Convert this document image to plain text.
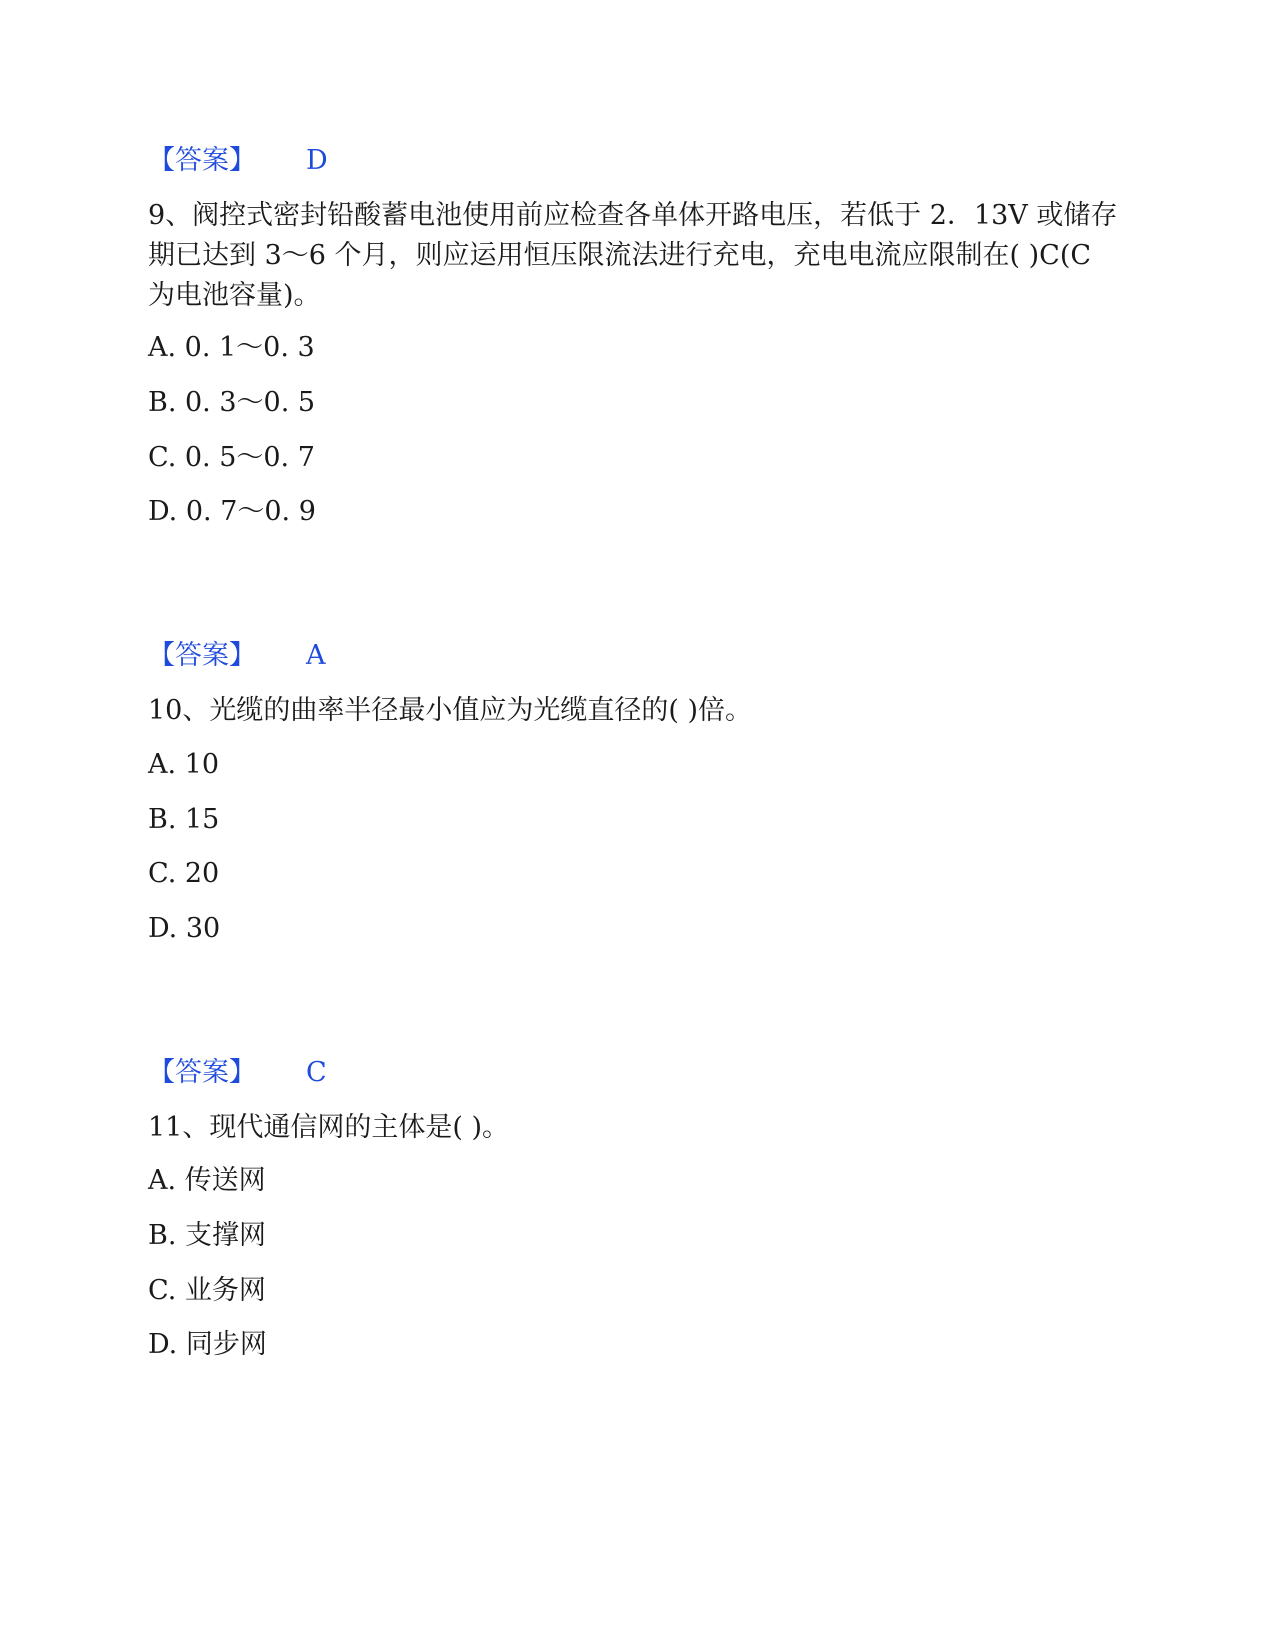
【答案】 D
9、阀控式密封铅酸蓄电池使用前应检查各单体开路电压，若低于 2．13V 或储存期已达到 3～6 个月，则应运用恒压限流法进行充电，充电电流应限制在( )C(C 为电池容量)。
A. 0. 1～0. 3
B. 0. 3～0. 5
C. 0. 5～0. 7
D. 0. 7～0. 9
【答案】 A
10、光缆的曲率半径最小值应为光缆直径的( )倍。
A. 10
B. 15
C. 20
D. 30
【答案】 C
11、现代通信网的主体是( )。
A. 传送网
B. 支撑网
C. 业务网
D. 同步网
